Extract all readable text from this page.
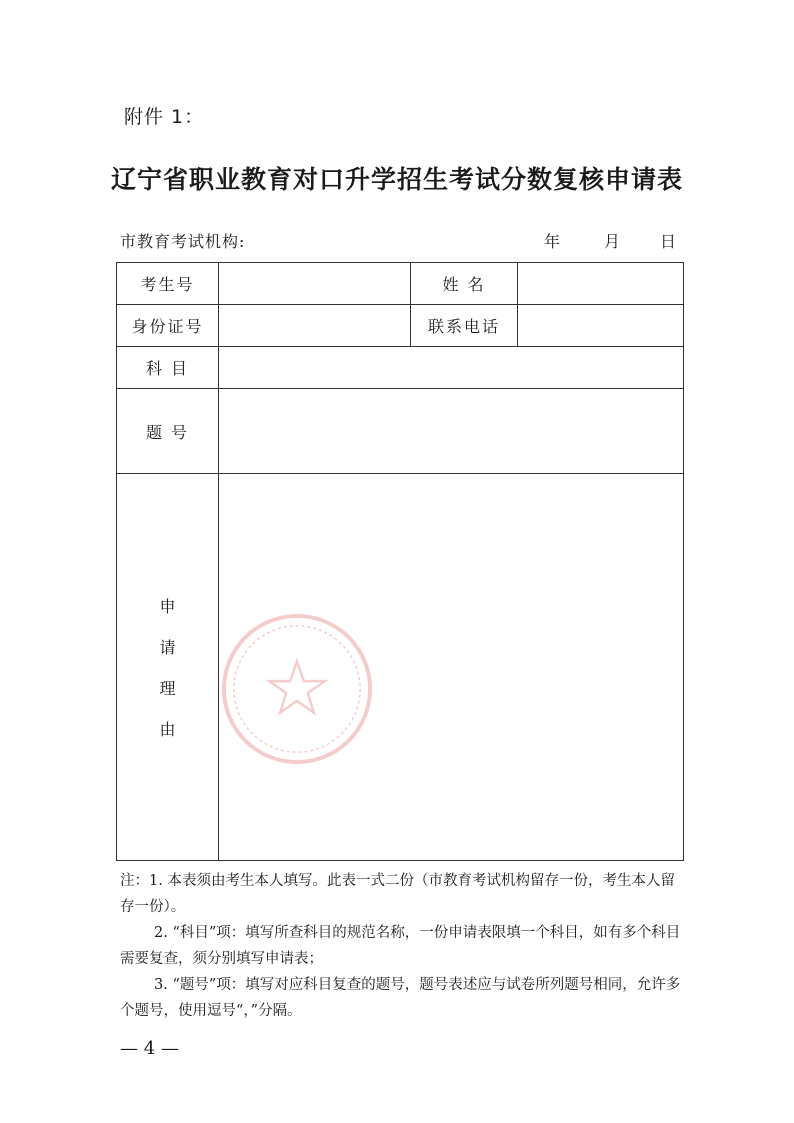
附件 1：
辽宁省职业教育对口升学招生考试分数复核申请表
市教育考试机构:	年	月 日
考生号		姓 名	
身份证号		联系电话	
科 目			
题 号			

申
请
理
由			

注：1. 本表须由考生本人填写。此表一式二份（市教育考试机构留存一份，考生本人留存一份）。

2. “科目”项：填写所查科目的规范名称，一份申请表限填一个科目，如有多个科目需要复查，须分别填写申请表；

3. “题号”项：填写对应科目复查的题号，题号表述应与试卷所列题号相同，允许多个题号，使用逗号“，”分隔。

— 4 —
